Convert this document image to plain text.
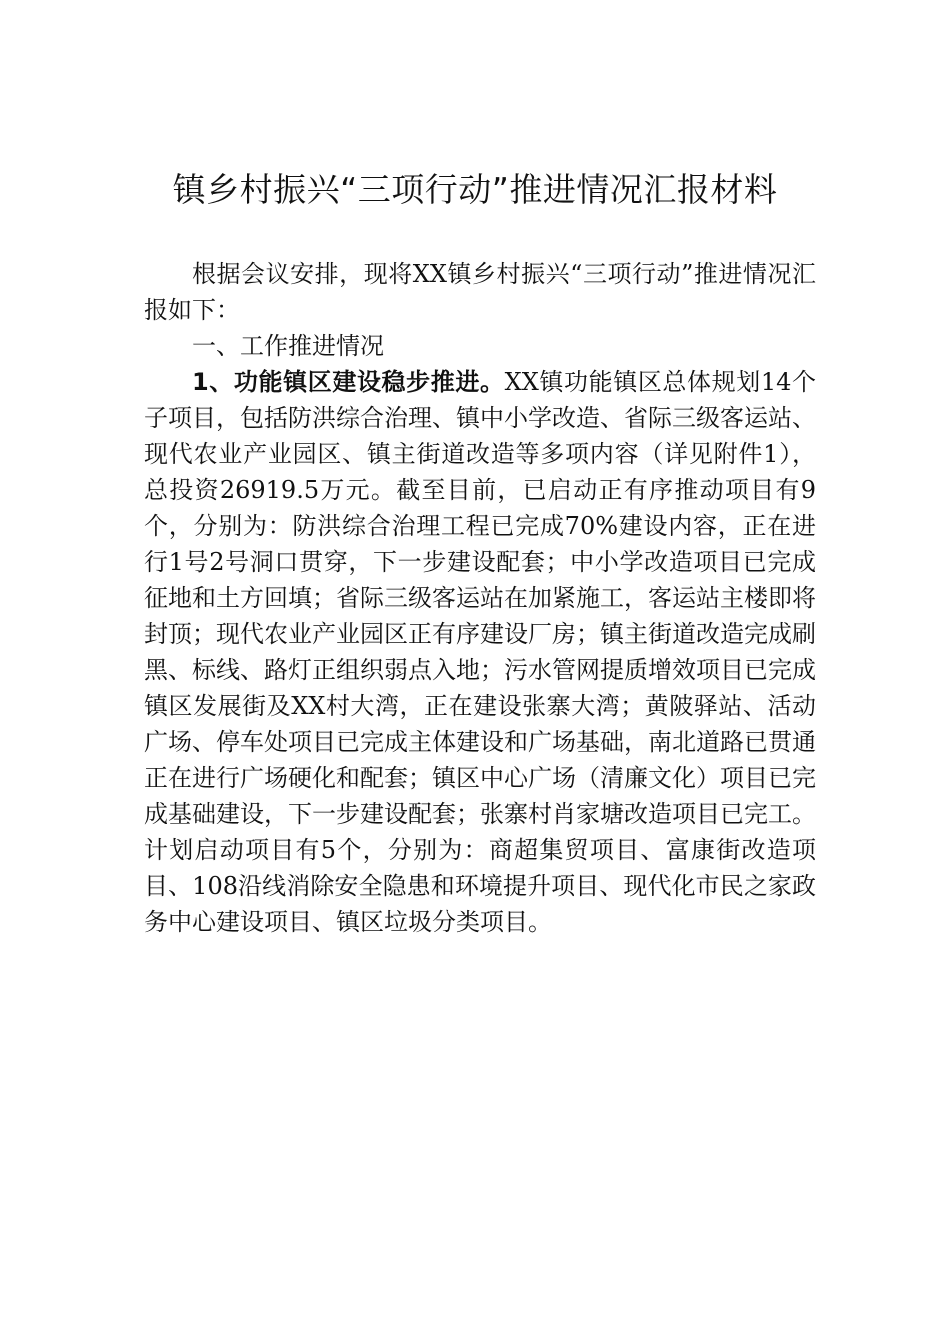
镇乡村振兴“三项行动”推进情况汇报材料

根据会议安排，现将XX镇乡村振兴“三项行动”推进情况汇报如下：

一、工作推进情况

1、功能镇区建设稳步推进。XX镇功能镇区总体规划14个子项目，包括防洪综合治理、镇中小学改造、省际三级客运站、现代农业产业园区、镇主街道改造等多项内容（详见附件1），总投资26919.5万元。截至目前，已启动正有序推动项目有9个，分别为：防洪综合治理工程已完成70%建设内容，正在进行1号2号洞口贯穿，下一步建设配套；中小学改造项目已完成征地和土方回填；省际三级客运站在加紧施工，客运站主楼即将封顶；现代农业产业园区正有序建设厂房；镇主街道改造完成刷黑、标线、路灯正组织弱点入地；污水管网提质增效项目已完成镇区发展街及XX村大湾，正在建设张寨大湾；黄陂驿站、活动广场、停车处项目已完成主体建设和广场基础，南北道路已贯通正在进行广场硬化和配套；镇区中心广场（清廉文化）项目已完成基础建设，下一步建设配套；张寨村肖家塘改造项目已完工。计划启动项目有5个，分别为：商超集贸项目、富康街改造项目、108沿线消除安全隐患和环境提升项目、现代化市民之家政务中心建设项目、镇区垃圾分类项目。
